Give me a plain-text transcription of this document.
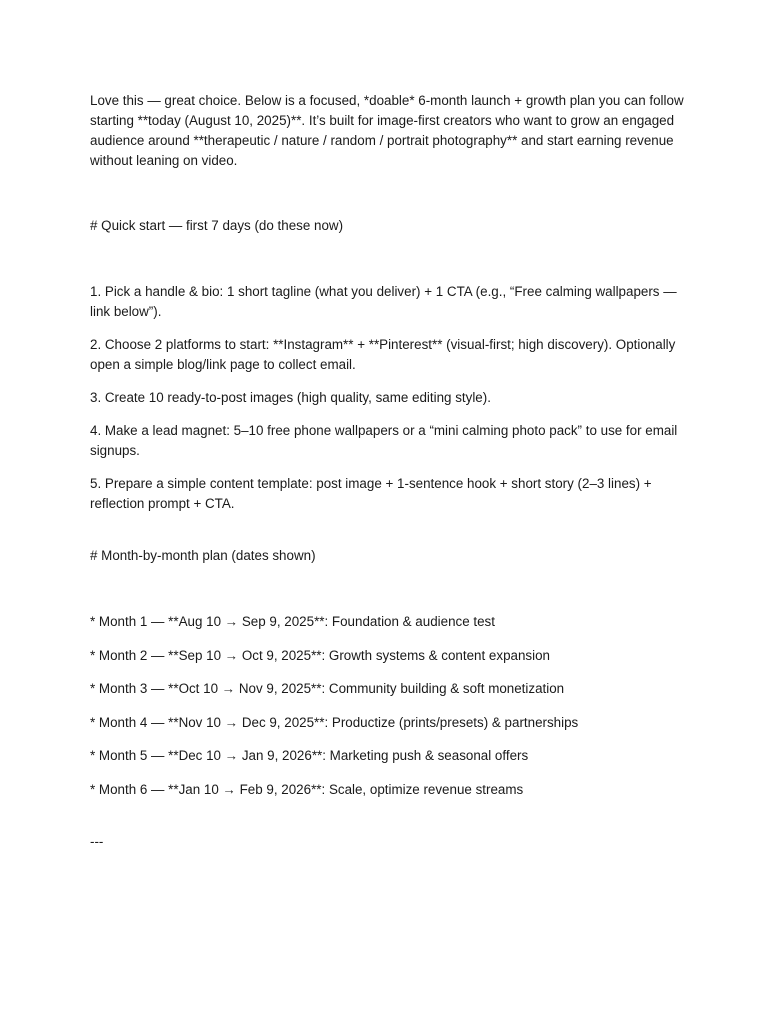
Love this — great choice. Below is a focused, *doable* 6-month launch + growth plan you can follow starting **today (August 10, 2025)**. It’s built for image-first creators who want to grow an engaged audience around **therapeutic / nature / random / portrait photography** and start earning revenue without leaning on video.

# Quick start — first 7 days (do these now)

1. Pick a handle & bio: 1 short tagline (what you deliver) + 1 CTA (e.g., “Free calming wallpapers — link below”).

2. Choose 2 platforms to start: **Instagram** + **Pinterest** (visual-first; high discovery). Optionally open a simple blog/link page to collect email.

3. Create 10 ready-to-post images (high quality, same editing style).

4. Make a lead magnet: 5–10 free phone wallpapers or a “mini calming photo pack” to use for email signups.

5. Prepare a simple content template: post image + 1-sentence hook + short story (2–3 lines) + reflection prompt + CTA.

# Month-by-month plan (dates shown)

* Month 1 — **Aug 10 → Sep 9, 2025**: Foundation & audience test

* Month 2 — **Sep 10 → Oct 9, 2025**: Growth systems & content expansion

* Month 3 — **Oct 10 → Nov 9, 2025**: Community building & soft monetization

* Month 4 — **Nov 10 → Dec 9, 2025**: Productize (prints/presets) & partnerships

* Month 5 — **Dec 10 → Jan 9, 2026**: Marketing push & seasonal offers

* Month 6 — **Jan 10 → Feb 9, 2026**: Scale, optimize revenue streams

---
